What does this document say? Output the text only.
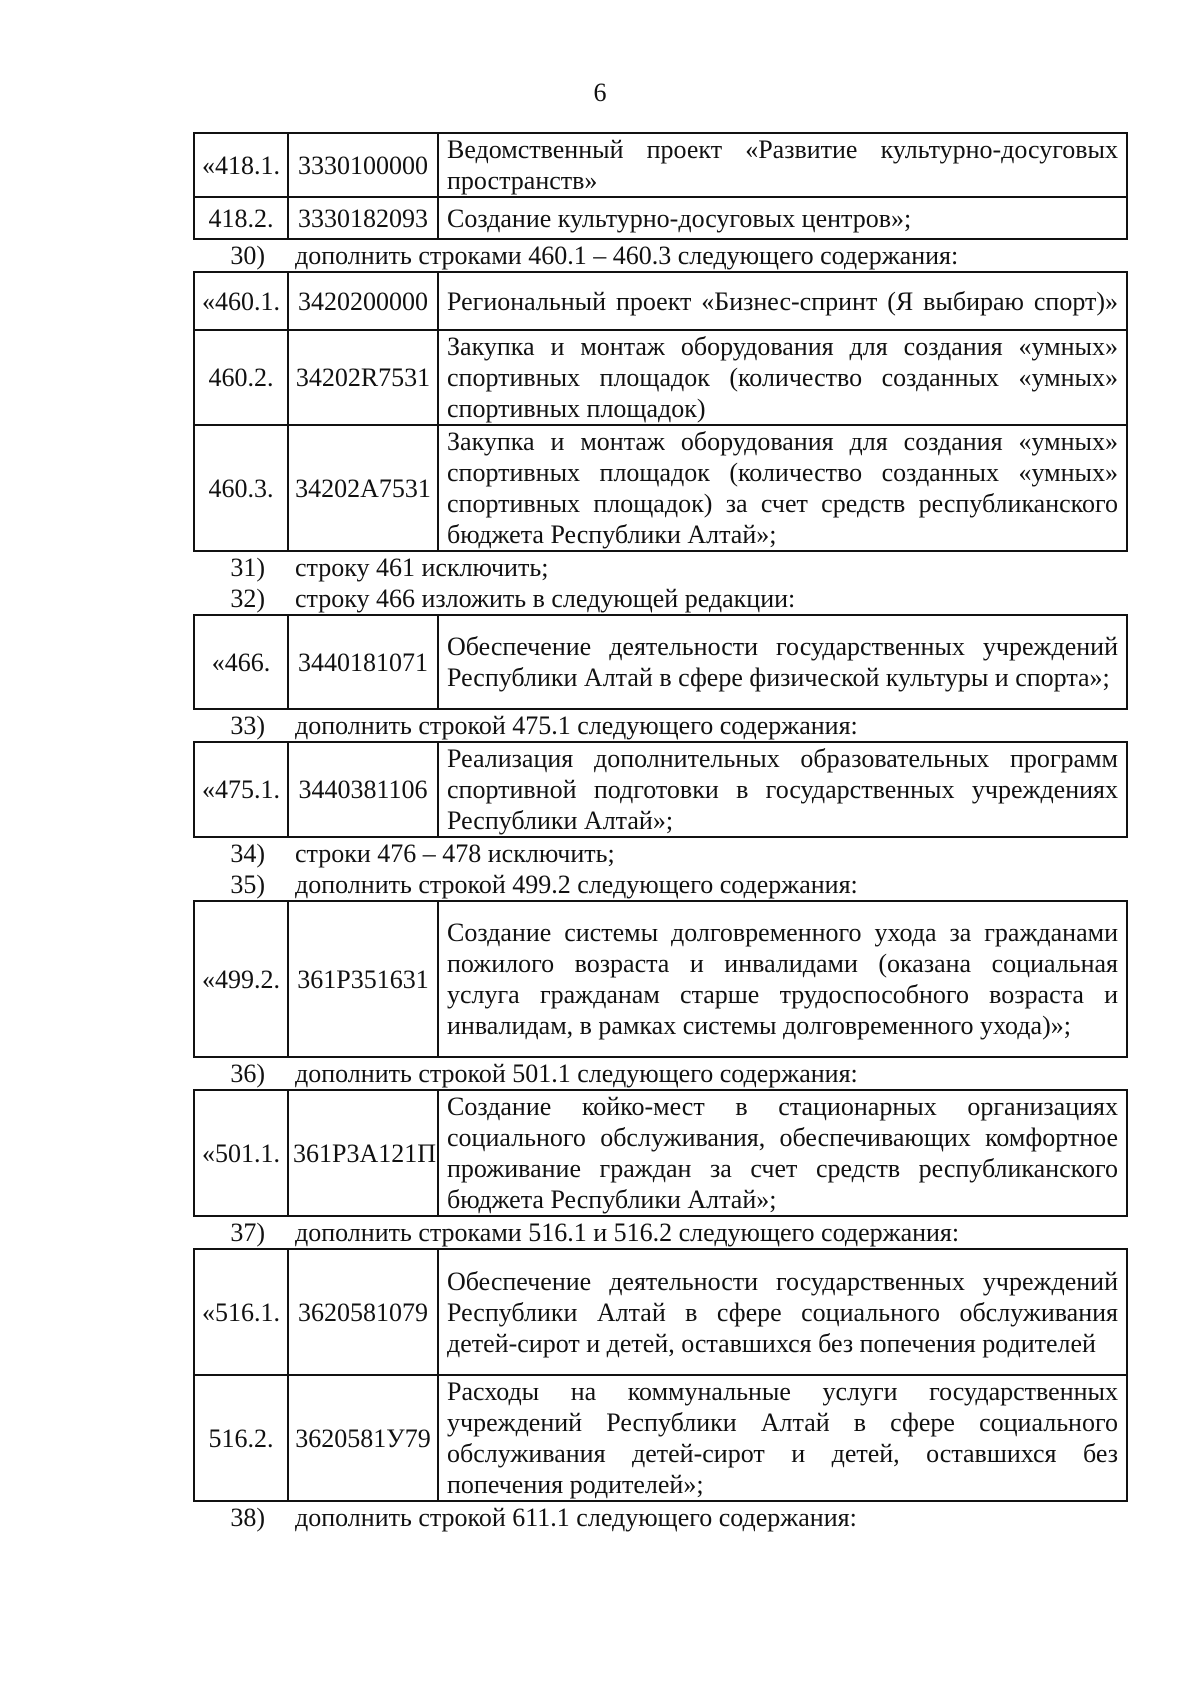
6
«418.1.	3330100000	Ведомственный проект «Развитие культурно-досуговых пространств»
418.2.	3330182093	Создание культурно-досуговых центров»;
30)	дополнить строками 460.1 – 460.3 следующего содержания:
«460.1.	3420200000	Региональный проект «Бизнес-спринт (Я выбираю спорт)»
460.2.	34202R7531	Закупка и монтаж оборудования для создания «умных» спортивных площадок (количество созданных «умных» спортивных площадок)
460.3.	34202А7531	Закупка и монтаж оборудования для создания «умных» спортивных площадок (количество созданных «умных» спортивных площадок) за счет средств республиканского бюджета Республики Алтай»;
31)	строку 461 исключить;
32)	строку 466 изложить в следующей редакции:
«466.	3440181071	Обеспечение деятельности государственных учреждений Республики Алтай в сфере физической культуры и спорта»;
33)	дополнить строкой 475.1 следующего содержания:
«475.1.	3440381106	Реализация дополнительных образовательных программ спортивной подготовки в государственных учреждениях Республики Алтай»;
34)	строки 476 – 478 исключить;
35)	дополнить строкой 499.2 следующего содержания:
«499.2.	361Р351631	Создание системы долговременного ухода за гражданами пожилого возраста и инвалидами (оказана социальная услуга гражданам старше трудоспособного возраста и инвалидам, в рамках системы долговременного ухода)»;
36)	дополнить строкой 501.1 следующего содержания:
«501.1.	361Р3А121П	Создание койко-мест в стационарных организациях социального обслуживания, обеспечивающих комфортное проживание граждан за счет средств республиканского бюджета Республики Алтай»;
37)	дополнить строками 516.1 и 516.2 следующего содержания:
«516.1.	3620581079	Обеспечение деятельности государственных учреждений Республики Алтай в сфере социального обслуживания детей-сирот и детей, оставшихся без попечения родителей
516.2.	3620581У79	Расходы на коммунальные услуги государственных учреждений Республики Алтай в сфере социального обслуживания детей-сирот и детей, оставшихся без попечения родителей»;
38)	дополнить строкой 611.1 следующего содержания:
